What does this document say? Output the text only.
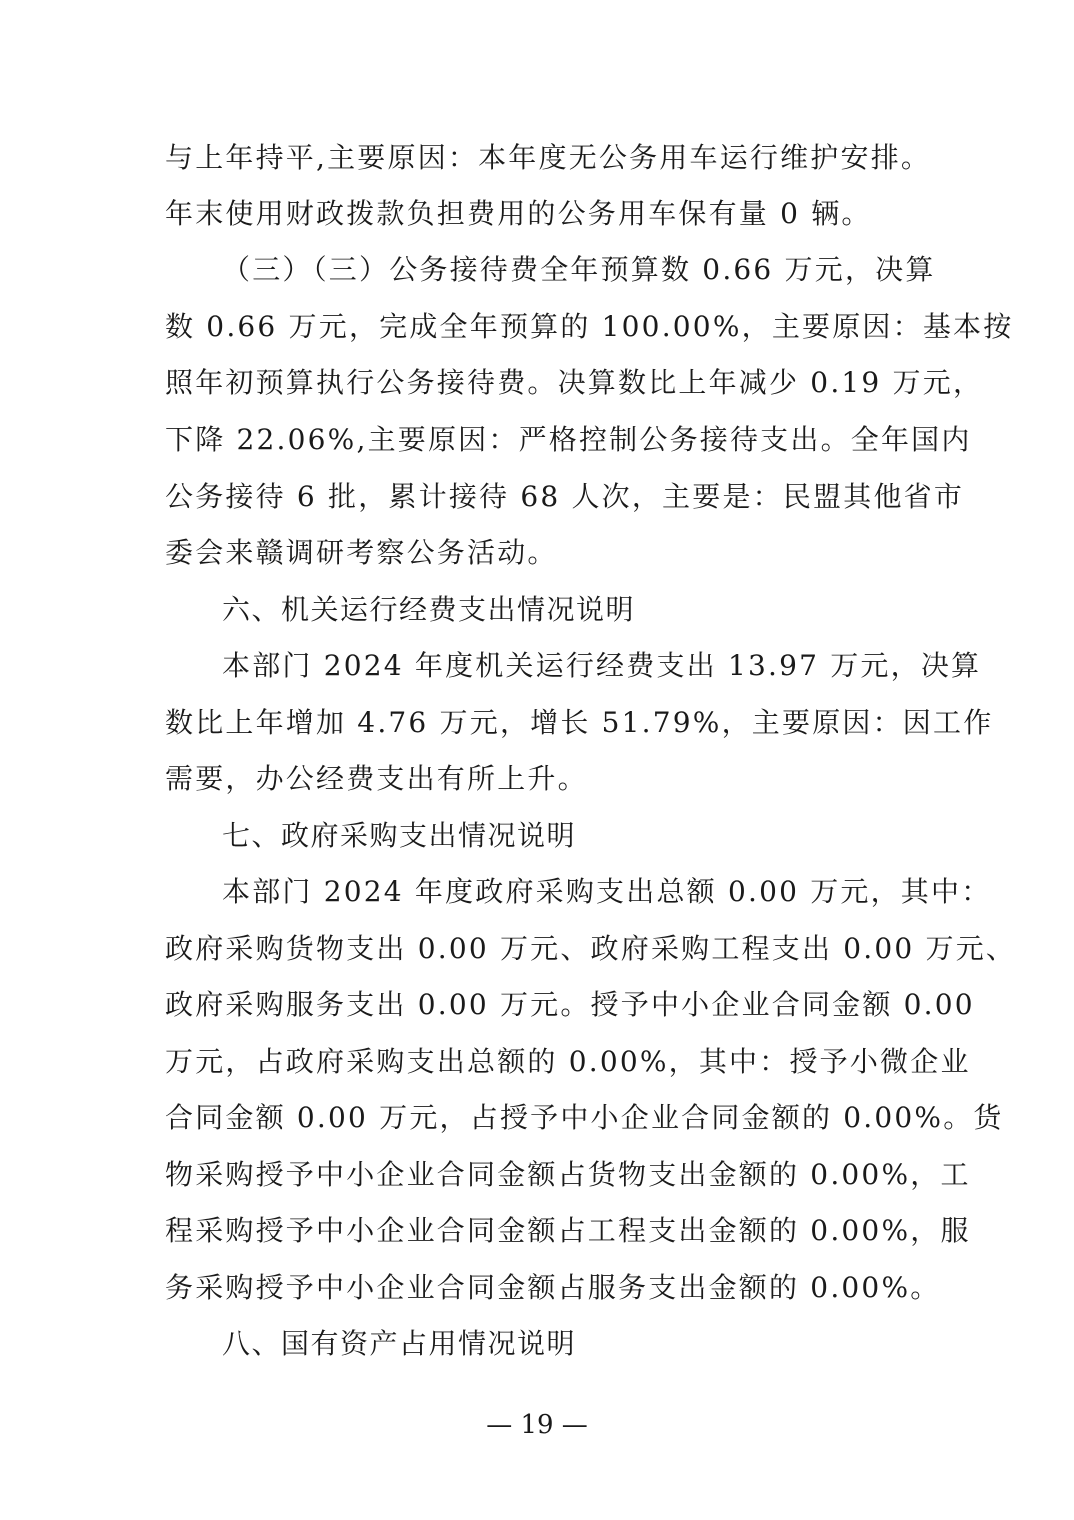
与上年持平,主要原因：本年度无公务用车运行维护安排。
年末使用财政拨款负担费用的公务用车保有量 0 辆。
（三）（三）公务接待费全年预算数 0.66 万元，决算
数 0.66 万元，完成全年预算的 100.00%，主要原因：基本按
照年初预算执行公务接待费。决算数比上年减少 0.19 万元，
下降 22.06%,主要原因：严格控制公务接待支出。全年国内
公务接待 6 批，累计接待 68 人次，主要是：民盟其他省市
委会来赣调研考察公务活动。
六、机关运行经费支出情况说明
本部门 2024 年度机关运行经费支出 13.97 万元，决算
数比上年增加 4.76 万元，增长 51.79%，主要原因：因工作
需要，办公经费支出有所上升。
七、政府采购支出情况说明
本部门 2024 年度政府采购支出总额 0.00 万元，其中：
政府采购货物支出 0.00 万元、政府采购工程支出 0.00 万元、
政府采购服务支出 0.00 万元。授予中小企业合同金额 0.00
万元，占政府采购支出总额的 0.00%，其中：授予小微企业
合同金额 0.00 万元，占授予中小企业合同金额的 0.00%。货
物采购授予中小企业合同金额占货物支出金额的 0.00%，工
程采购授予中小企业合同金额占工程支出金额的 0.00%，服
务采购授予中小企业合同金额占服务支出金额的 0.00%。
八、国有资产占用情况说明
— 19 —
